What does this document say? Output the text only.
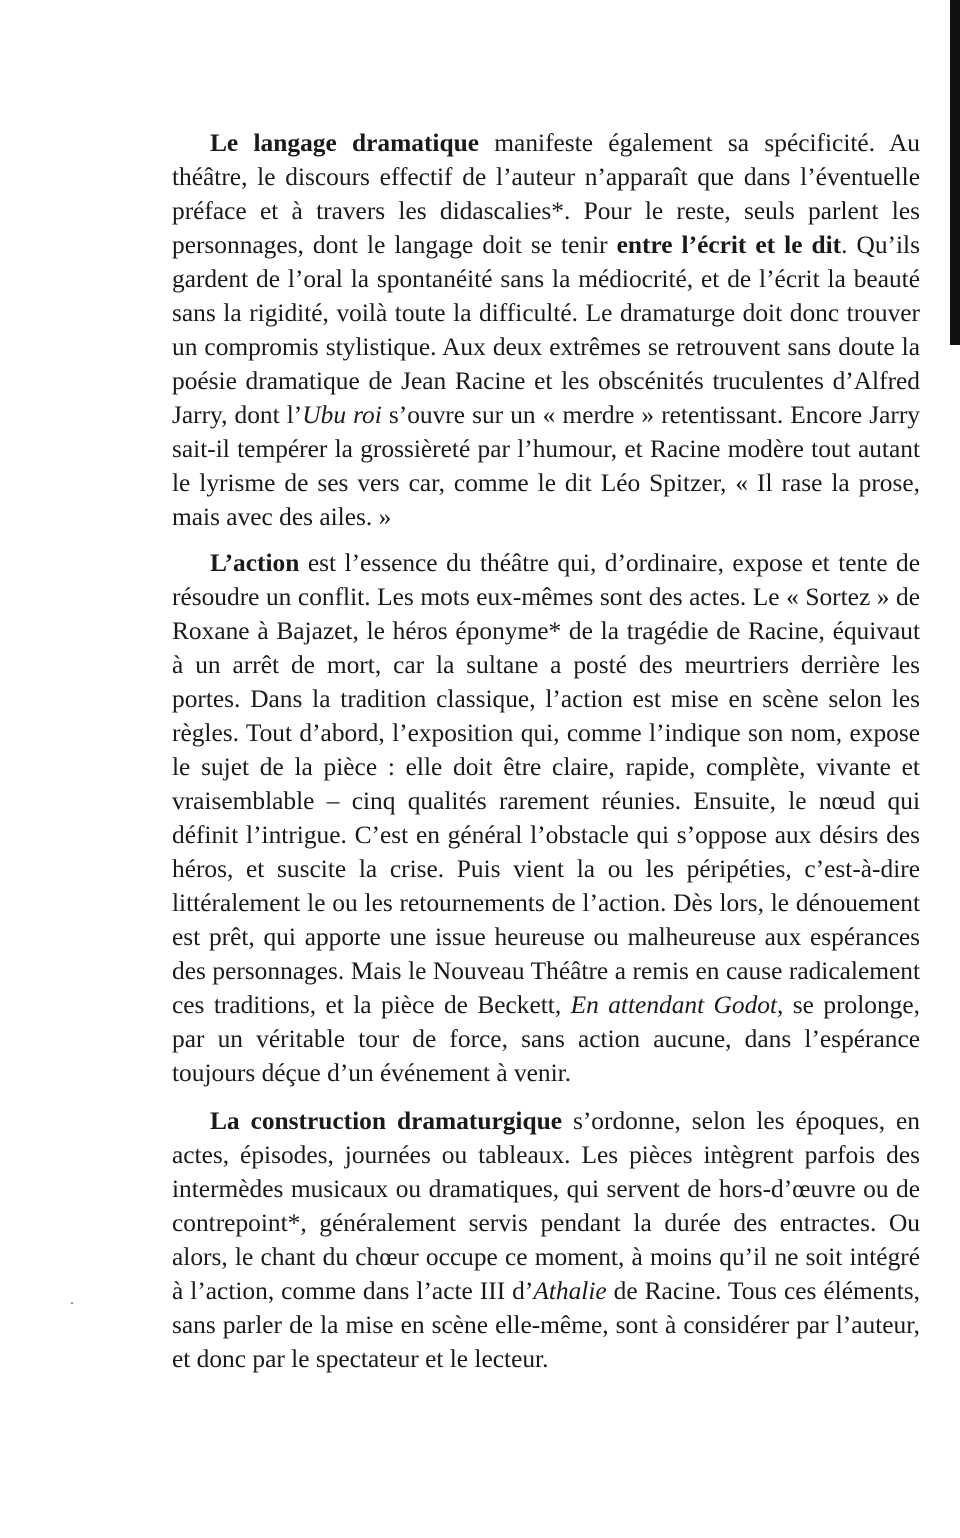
Le langage dramatique manifeste également sa spécificité. Au théâtre, le discours effectif de l’auteur n’apparaît que dans l’éventuelle préface et à travers les didascalies*. Pour le reste, seuls parlent les personnages, dont le langage doit se tenir entre l’écrit et le dit. Qu’ils gardent de l’oral la spontanéité sans la médiocrité, et de l’écrit la beauté sans la rigidité, voilà toute la difficulté. Le dramaturge doit donc trouver un compromis stylistique. Aux deux extrêmes se retrouvent sans doute la poésie dramatique de Jean Racine et les obscénités truculentes d’Alfred Jarry, dont l’Ubu roi s’ouvre sur un « merdre » retentissant. Encore Jarry sait-il tempérer la grossièreté par l’humour, et Racine modère tout autant le lyrisme de ses vers car, comme le dit Léo Spitzer, « Il rase la prose, mais avec des ailes. »

L’action est l’essence du théâtre qui, d’ordinaire, expose et tente de résoudre un conflit. Les mots eux-mêmes sont des actes. Le « Sortez » de Roxane à Bajazet, le héros éponyme* de la tragédie de Racine, équivaut à un arrêt de mort, car la sultane a posté des meurtriers derrière les portes. Dans la tradition classique, l’action est mise en scène selon les règles. Tout d’abord, l’exposition qui, comme l’indique son nom, expose le sujet de la pièce : elle doit être claire, rapide, complète, vivante et vraisemblable – cinq qualités rarement réunies. Ensuite, le nœud qui définit l’intrigue. C’est en général l’obstacle qui s’oppose aux désirs des héros, et suscite la crise. Puis vient la ou les péripéties, c’est-à-dire littéralement le ou les retournements de l’action. Dès lors, le dénouement est prêt, qui apporte une issue heureuse ou malheureuse aux espérances des personnages. Mais le Nouveau Théâtre a remis en cause radicalement ces traditions, et la pièce de Beckett, En attendant Godot, se prolonge, par un véritable tour de force, sans action aucune, dans l’espérance toujours déçue d’un événement à venir.

La construction dramaturgique s’ordonne, selon les époques, en actes, épisodes, journées ou tableaux. Les pièces intègrent parfois des intermèdes musicaux ou dramatiques, qui servent de hors-d’œuvre ou de contrepoint*, généralement servis pendant la durée des entractes. Ou alors, le chant du chœur occupe ce moment, à moins qu’il ne soit intégré à l’action, comme dans l’acte III d’Athalie de Racine. Tous ces éléments, sans parler de la mise en scène elle-même, sont à considérer par l’auteur, et donc par le spectateur et le lecteur.
